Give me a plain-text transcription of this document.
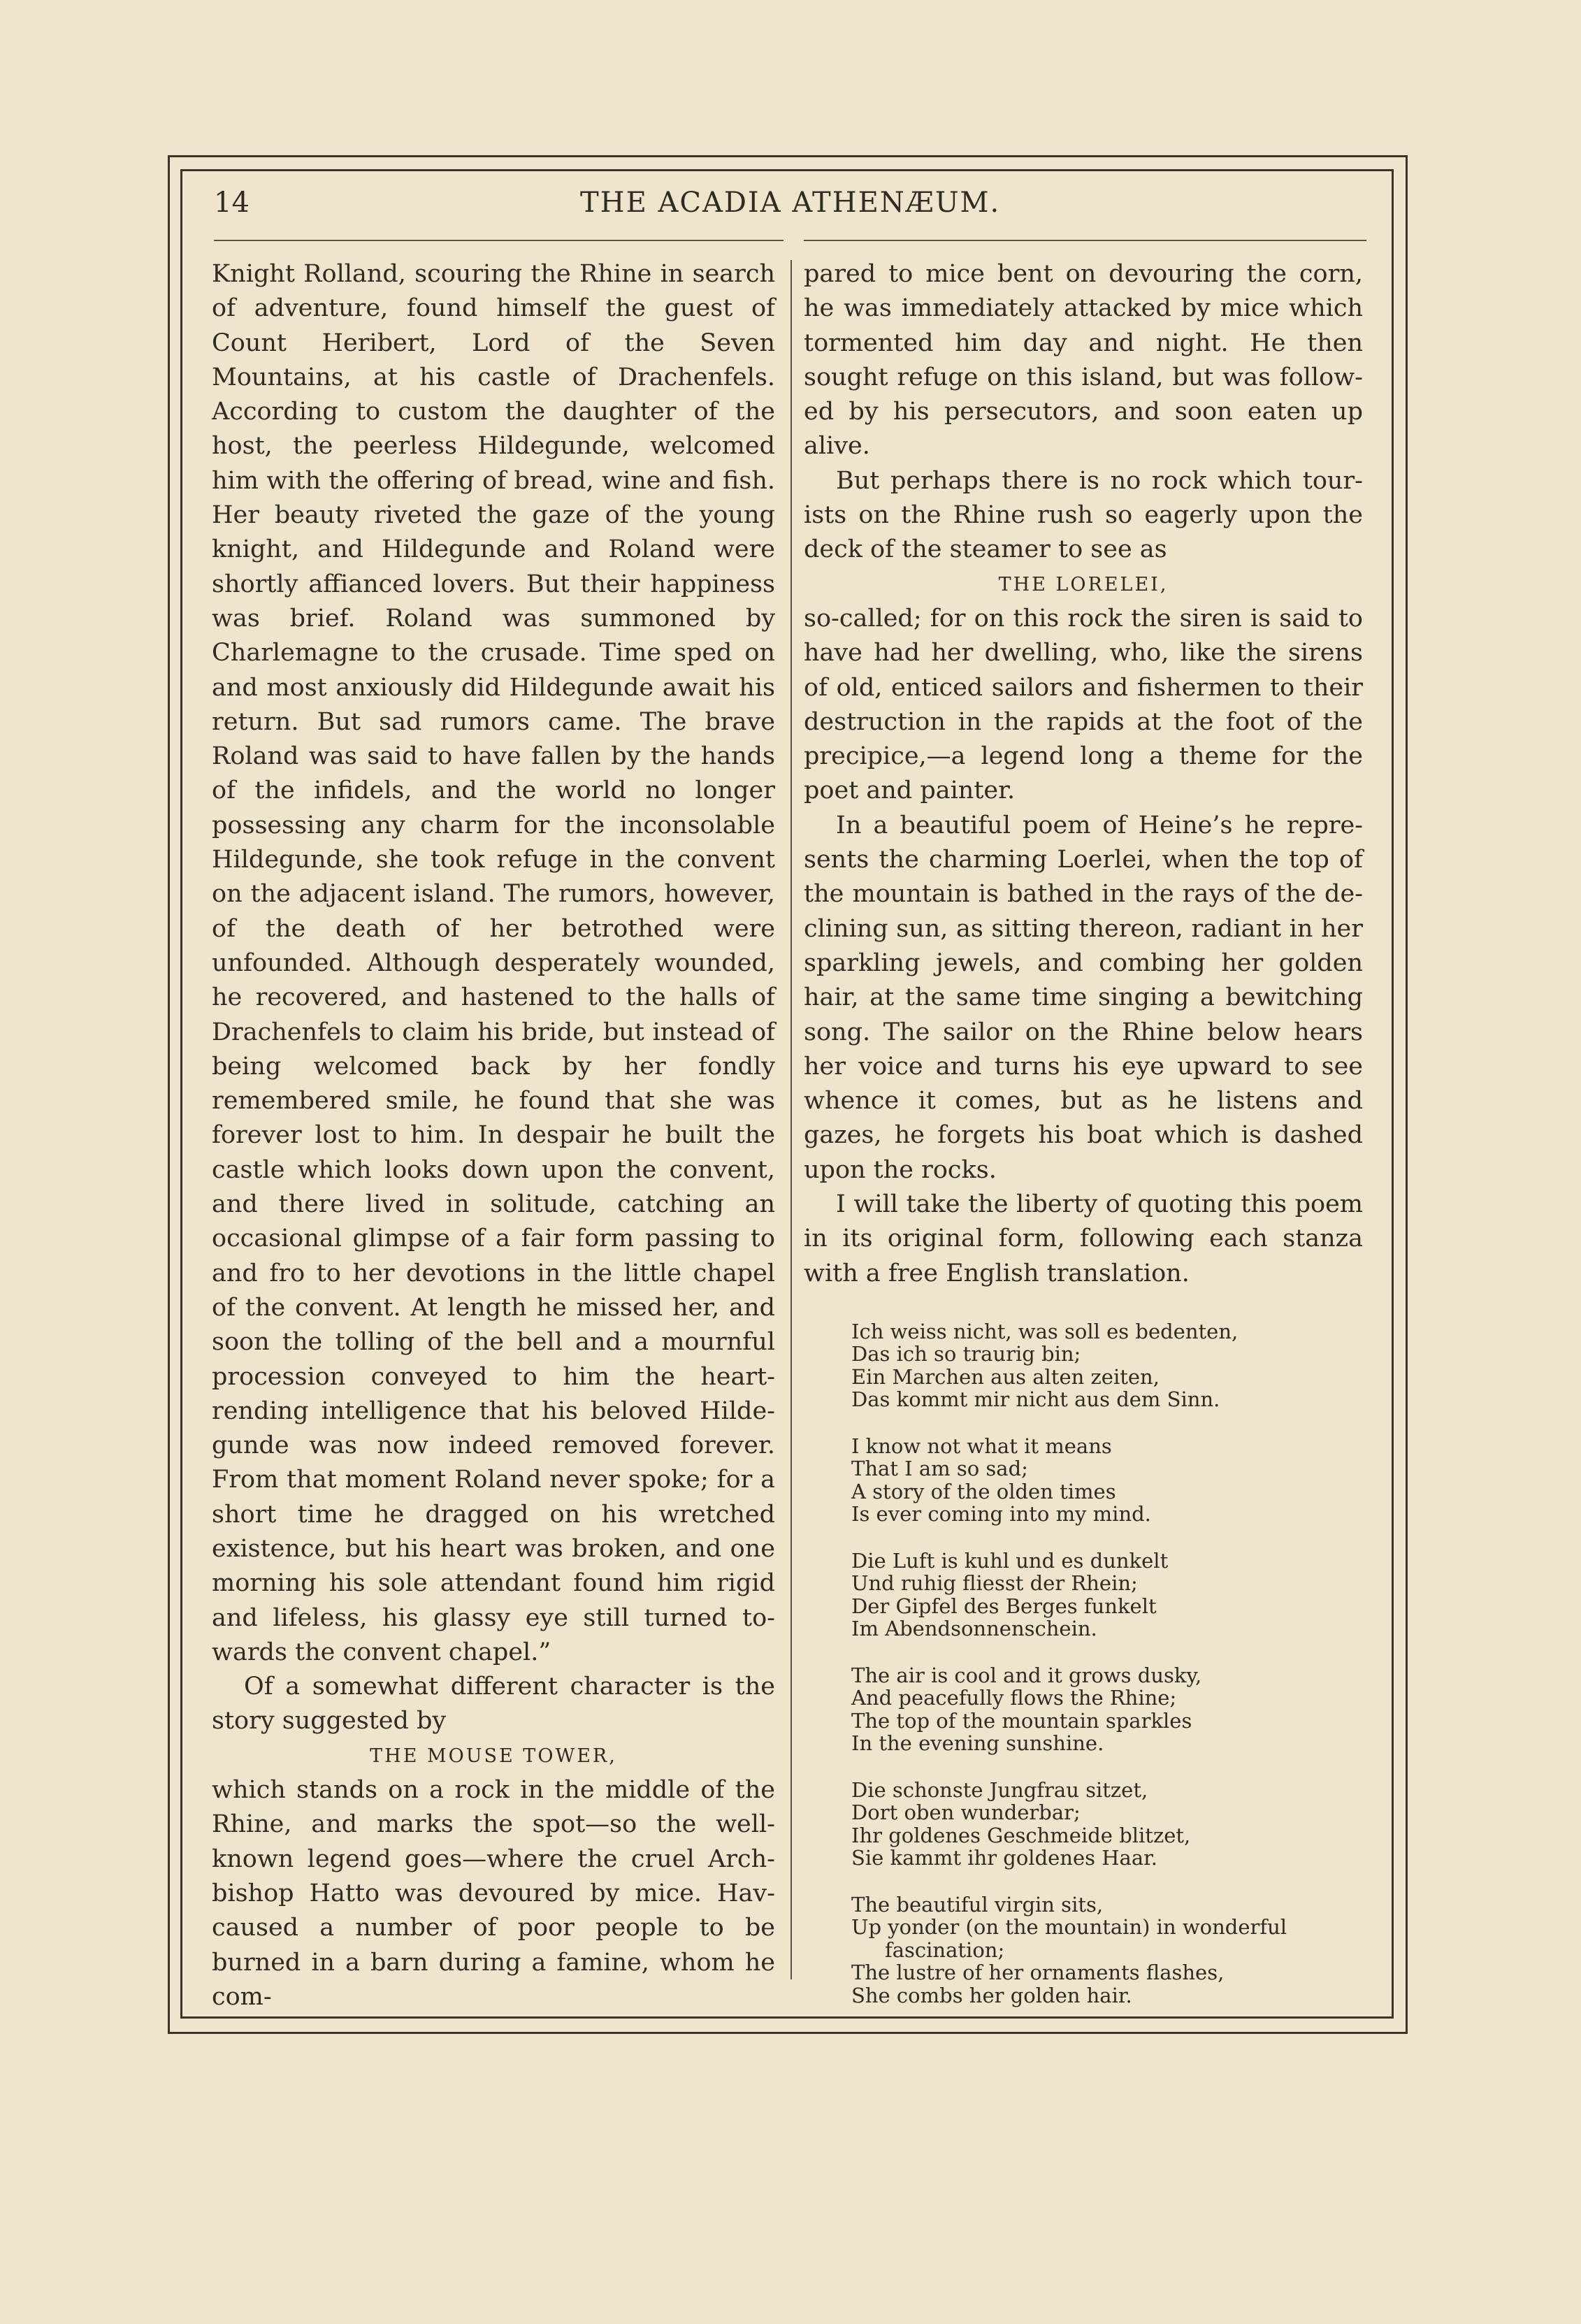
14	THE ACADIA ATHENÆUM.

Knight Rolland, scouring the Rhine in search of adventure, found himself the guest of Count Heribert, Lord of the Seven Mountains, at his castle of Drachenfels. According to custom the daughter of the host, the peerless Hildegunde, welcomed him with the offering of bread, wine and fish. Her beauty riveted the gaze of the young knight, and Hildegunde and Roland were shortly affianced lovers. But their happiness was brief. Roland was summoned by Charlemagne to the crusade. Time sped on and most anxiously did Hildegunde await his return. But sad rumors came. The brave Roland was said to have fallen by the hands of the infidels, and the world no longer possessing any charm for the inconsolable Hildegunde, she took refuge in the convent on the adjacent island. The rumors, however, of the death of her betrothed were unfounded. Although desperately wounded, he recovered, and hastened to the halls of Drachenfels to claim his bride, but instead of being welcomed back by her fondly remembered smile, he found that she was forever lost to him. In despair he built the castle which looks down upon the convent, and there lived in solitude, catching an occasional glimpse of a fair form passing to and fro to her devotions in the little chapel of the convent. At length he missed her, and soon the tolling of the bell and a mournful procession conveyed to him the heart-rending intelligence that his beloved Hildegunde was now indeed removed forever. From that moment Roland never spoke; for a short time he dragged on his wretched existence, but his heart was broken, and one morning his sole attendant found him rigid and lifeless, his glassy eye still turned towards the convent chapel.”

Of a somewhat different character is the story suggested by

THE MOUSE TOWER,

which stands on a rock in the middle of the Rhine, and marks the spot—so the well-known legend goes—where the cruel Archbishop Hatto was devoured by mice. Havcaused a number of poor people to be burned in a barn during a famine, whom he com-

pared to mice bent on devouring the corn, he was immediately attacked by mice which tormented him day and night. He then sought refuge on this island, but was followed by his persecutors, and soon eaten up alive.

But perhaps there is no rock which tourists on the Rhine rush so eagerly upon the deck of the steamer to see as

THE LORELEI,

so-called; for on this rock the siren is said to have had her dwelling, who, like the sirens of old, enticed sailors and fishermen to their destruction in the rapids at the foot of the precipice,—a legend long a theme for the poet and painter.

In a beautiful poem of Heine’s he represents the charming Loerlei, when the top of the mountain is bathed in the rays of the declining sun, as sitting thereon, radiant in her sparkling jewels, and combing her golden hair, at the same time singing a bewitching song. The sailor on the Rhine below hears her voice and turns his eye upward to see whence it comes, but as he listens and gazes, he forgets his boat which is dashed upon the rocks.

I will take the liberty of quoting this poem in its original form, following each stanza with a free English translation.

Ich weiss nicht, was soll es bedenten,
Das ich so traurig bin;
Ein Marchen aus alten zeiten,
Das kommt mir nicht aus dem Sinn.
I know not what it means
That I am so sad;
A story of the olden times
Is ever coming into my mind.
Die Luft is kuhl und es dunkelt
Und ruhig fliesst der Rhein;
Der Gipfel des Berges funkelt
Im Abendsonnenschein.
The air is cool and it grows dusky,
And peacefully flows the Rhine;
The top of the mountain sparkles
In the evening sunshine.
Die schonste Jungfrau sitzet,
Dort oben wunderbar;
Ihr goldenes Geschmeide blitzet,
Sie kammt ihr goldenes Haar.
The beautiful virgin sits,
Up yonder (on the mountain) in wonderful
fascination;
The lustre of her ornaments flashes,
She combs her golden hair.
